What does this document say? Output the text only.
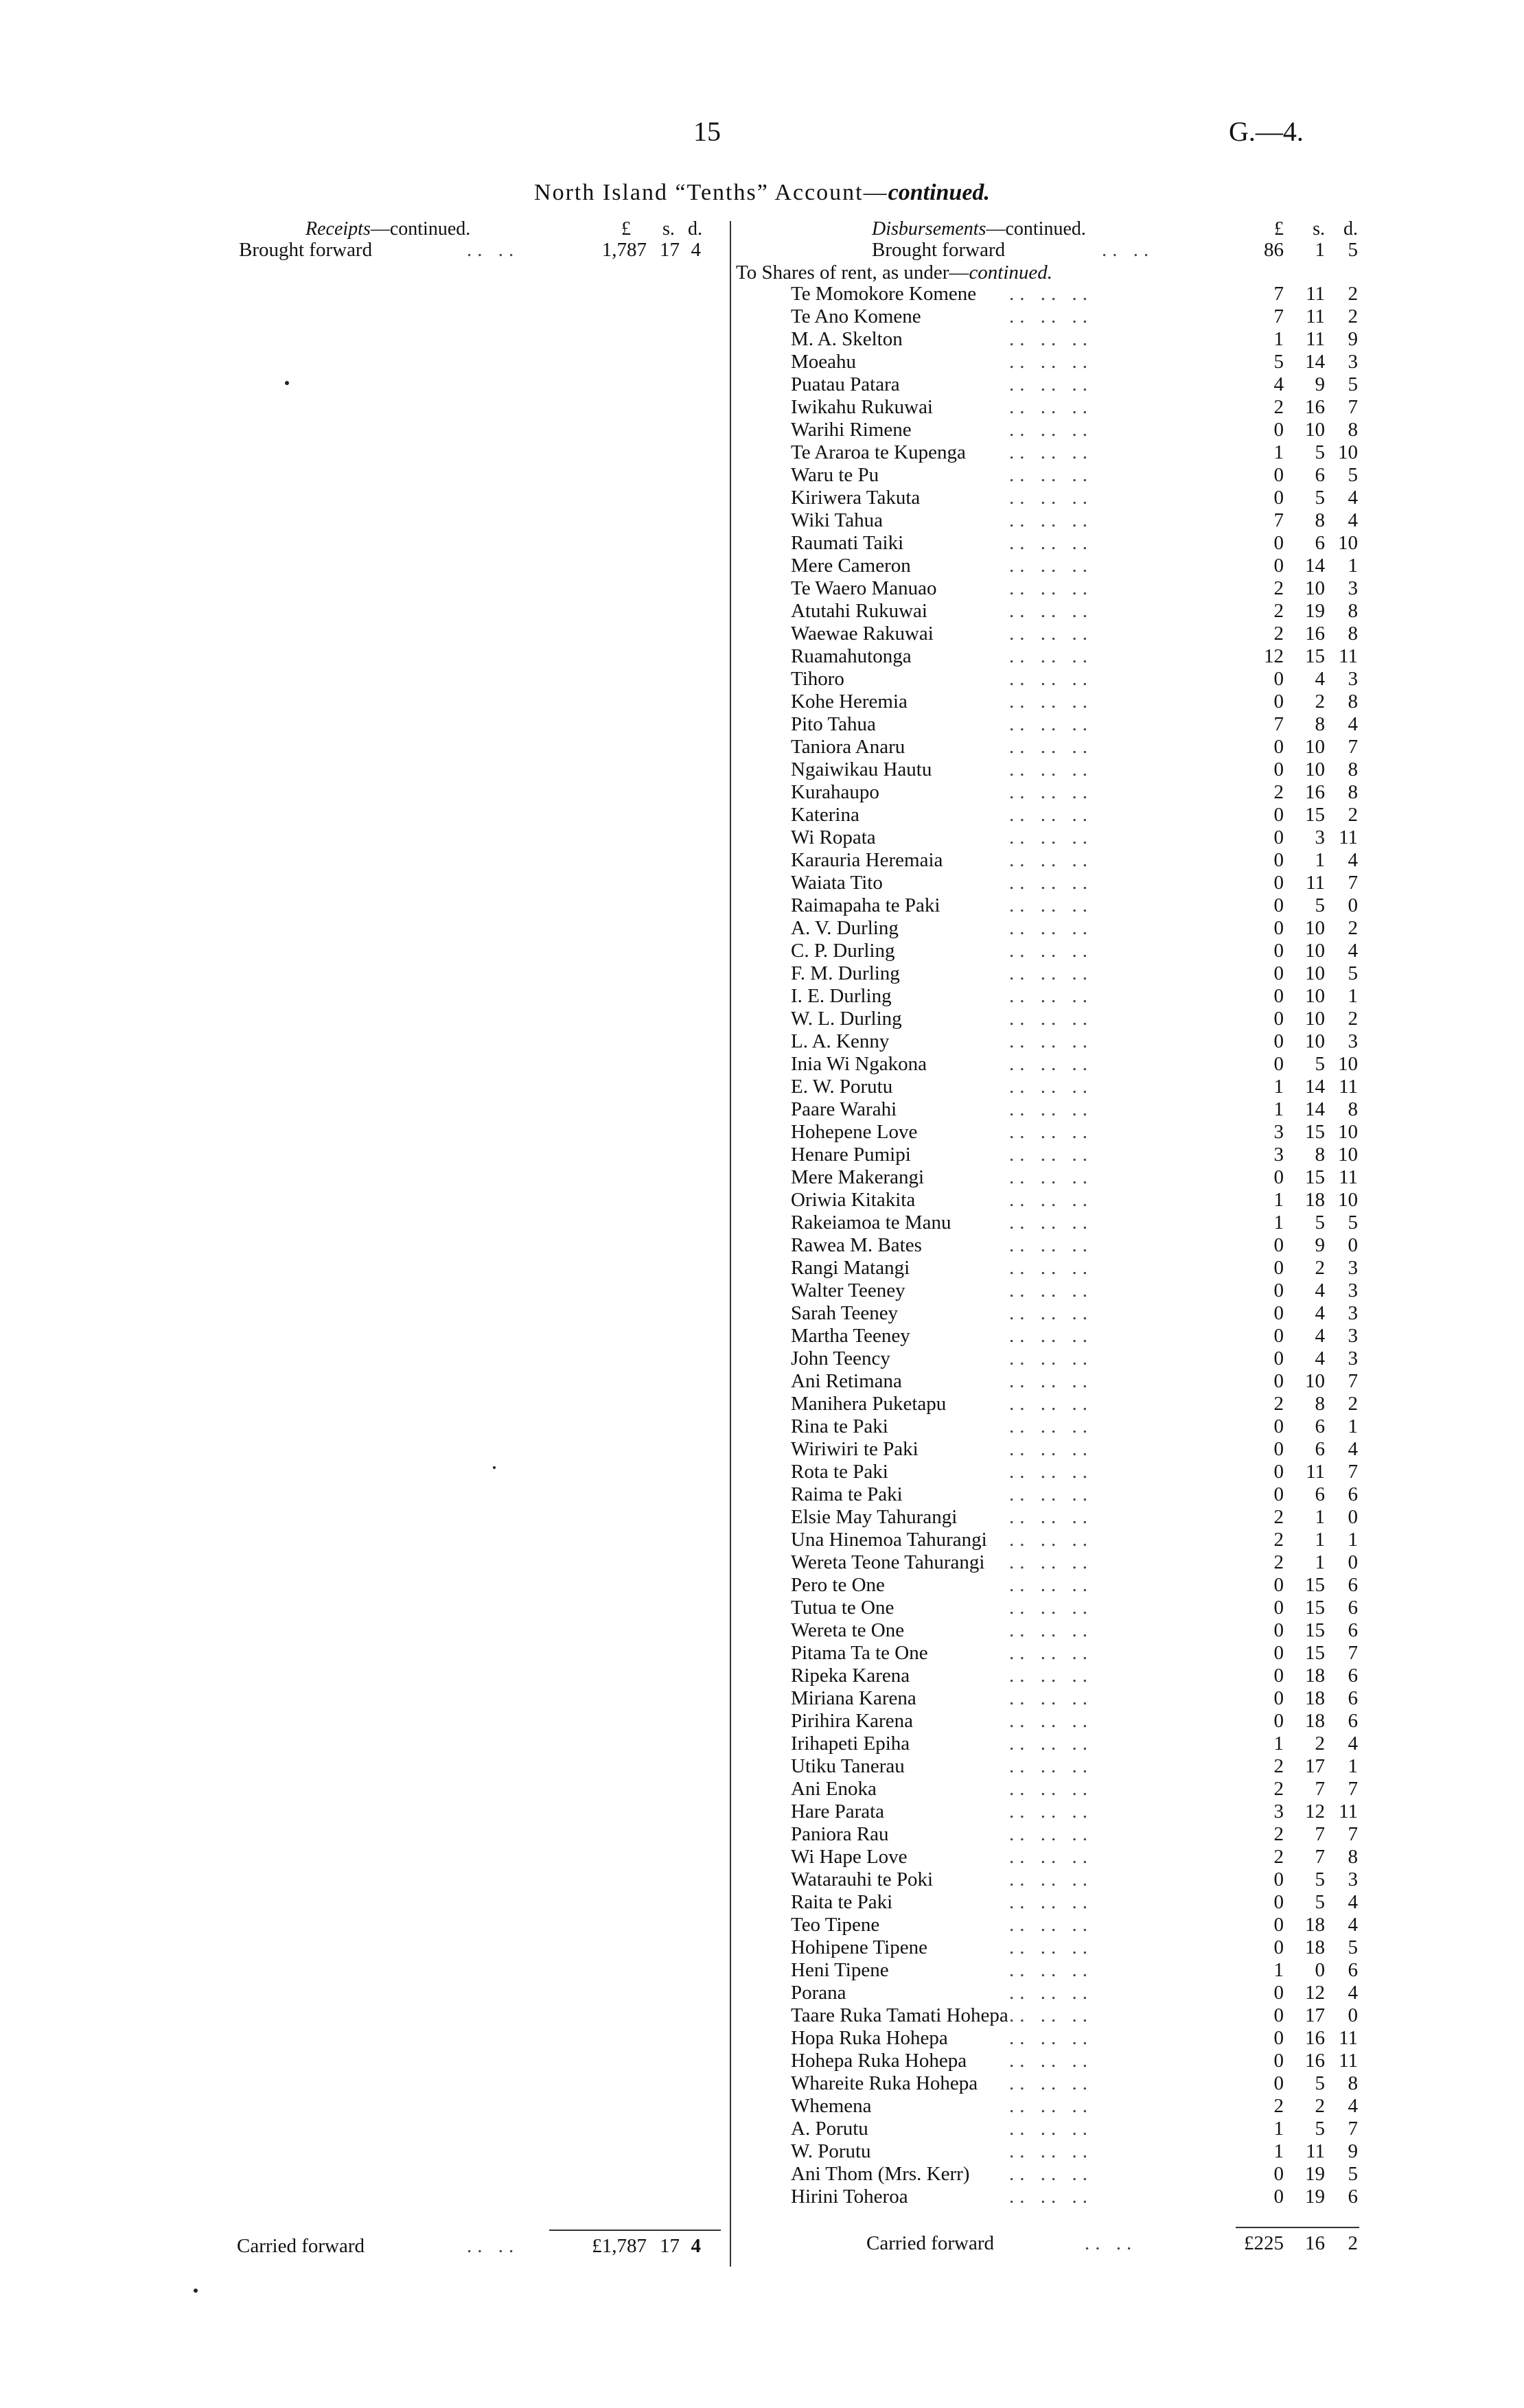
15	G.—4.
North Island “Tenths” Account—continued.
Receipts—continued.	£ s. d.
Brought forward	.. ..	1,787 17 4
Disbursements—continued.	£	s. d.
Brought forward	.. ..	86	1	5
To Shares of rent, as under—continued.
Te Momokore Komene .. .. ..	7	11	2
Te Ano Komene	.. .. ..	7	11	2
M. A. Skelton	.. .. ..	1	11	9
Moeahu	.. .. ..	5	14	3
Puatau Patara	.. .. ..	4	9	5
Iwikahu Rukuwai	.. .. ..	2	16	7
Warihi Rimene	.. .. ..	0	10	8
Te Araroa te Kupenga .. .. ..	1	5 10
Waru te Pu	.. .. ..	0	6	5
Kiriwera Takuta	.. .. ..	0	5	4
Wiki Tahua	.. .. ..	7	8	4
Raumati Taiki	.. .. ..	0	6 10
Mere Cameron	.. .. ..	0	14	1
Te Waero Manuao	.. .. ..	2	10	3
Atutahi Rukuwai	.. .. ..	2	19	8
Waewae Rakuwai	.. .. ..	2	16	8
Ruamahutonga	.. .. ..	12	15 11
Tihoro	.. .. ..	0	4	3
Kohe Heremia	.. .. ..	0	2	8
Pito Tahua	.. .. ..	7	8	4
Taniora Anaru	.. .. ..	0	10	7
Ngaiwikau Hautu	.. .. ..	0	10	8
Kurahaupo	.. .. ..	2	16	8
Katerina	.. .. ..	0	15	2
Wi Ropata	.. .. ..	0	3 11
Karauria Heremaia	.. .. ..	0	1	4
Waiata Tito	.. .. ..	0	11	7
Raimapaha te Paki	.. .. ..	0	5	0
A. V. Durling	.. .. ..	0	10	2
C. P. Durling	.. .. ..	0	10	4
F. M. Durling	.. .. ..	0	10	5
I. E. Durling	.. .. ..	0	10	1
W. L. Durling	.. .. ..	0	10	2
L. A. Kenny	.. .. ..	0	10	3
Inia Wi Ngakona	.. .. ..	0	5 10
E. W. Porutu	.. .. ..	1	14 11
Paare Warahi	.. .. ..	1	14	8
Hohepene Love	.. .. ..	3	15 10
Henare Pumipi	.. .. ..	3	8 10
Mere Makerangi	.. .. ..	0	15 11
Oriwia Kitakita	.. .. ..	1	18 10
Rakeiamoa te Manu	.. .. ..	1	5	5
Rawea M. Bates	.. .. ..	0	9	0
Rangi Matangi	.. .. ..	0	2	3
Walter Teeney	.. .. ..	0	4	3
Sarah Teeney	.. .. ..	0	4	3
Martha Teeney	.. .. ..	0	4	3
John Teency	.. .. ..	0	4	3
Ani Retimana	.. .. ..	0	10	7
Manihera Puketapu	.. .. ..	2	8	2
Rina te Paki	.. .. ..	0	6	1
Wiriwiri te Paki	.. .. ..	0	6	4
Rota te Paki	.. .. ..	0	11	7
Raima te Paki	.. .. ..	0	6	6
Elsie May Tahurangi	.. .. ..	2	1	0
Una Hinemoa Tahurangi .. .. ..	2	1	1
Wereta Teone Tahurangi .. .. ..	2	1	0
Pero te One	.. .. ..	0	15	6
Tutua te One	.. .. ..	0	15	6
Wereta te One	.. .. ..	0	15	6
Pitama Ta te One	.. .. ..	0	15	7
Ripeka Karena	.. .. ..	0	18	6
Miriana Karena	.. .. ..	0	18	6
Pirihira Karena	.. .. ..	0	18	6
Irihapeti Epiha	.. .. ..	1	2	4
Utiku Tanerau	.. .. ..	2	17	1
Ani Enoka	.. .. ..	2	7	7
Hare Parata	.. .. ..	3	12 11
Paniora Rau	.. .. ..	2	7	7
Wi Hape Love	.. .. ..	2	7	8
Watarauhi te Poki	.. .. ..	0	5	3
Raita te Paki	.. .. ..	0	5	4
Teo Tipene	.. .. ..	0	18	4
Hohipene Tipene	.. .. ..	0	18	5
Heni Tipene	.. .. ..	1	0	6
Porana	.. .. ..	0	12	4
Taare Ruka Tamati Hohepa .. .. ..	0	17	0
Hopa Ruka Hohepa	.. .. ..	0	16 11
Hohepa Ruka Hohepa .. .. ..	0	16 11
Whareite Ruka Hohepa .. .. ..	0	5	8
Whemena	.. .. ..	2	2	4
A. Porutu	.. .. ..	1	5	7
W. Porutu	.. .. ..	1	11	9
Ani Thom (Mrs. Kerr) .. .. ..	0	19	5
Hirini Toheroa	.. .. ..	0	19	6
Carried forward	.. ..	£1,787 17 4	Carried forward	.. ..	£225	16	2
